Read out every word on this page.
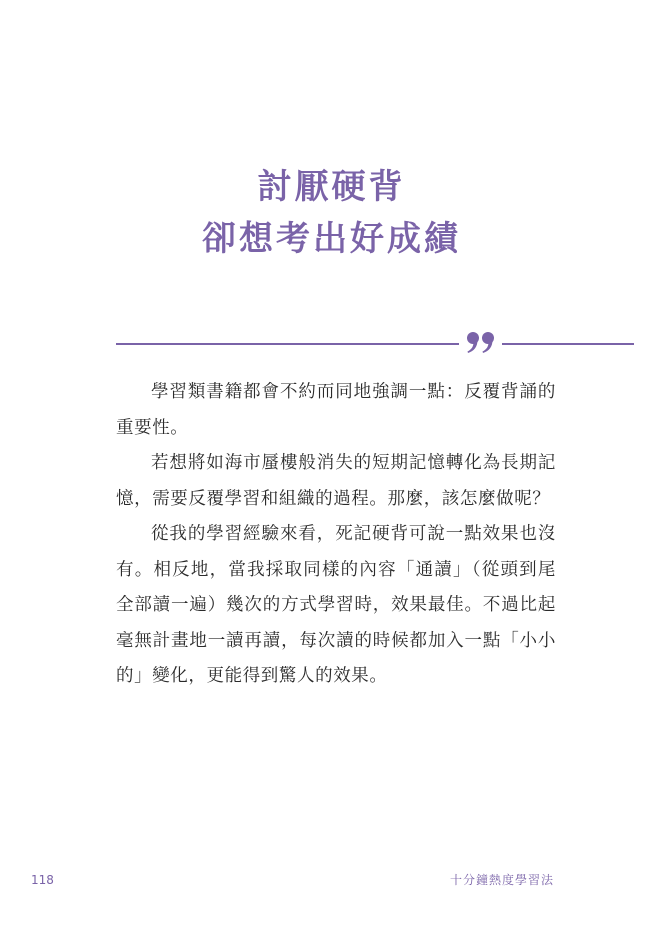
討厭硬背
卻想考出好成績

學習類書籍都會不約而同地強調一點：反覆背誦的重要性。

若想將如海市蜃樓般消失的短期記憶轉化為長期記憶，需要反覆學習和組織的過程。那麼，該怎麼做呢？

從我的學習經驗來看，死記硬背可說一點效果也沒有。相反地，當我採取同樣的內容「通讀」（從頭到尾全部讀一遍）幾次的方式學習時，效果最佳。不過比起毫無計畫地一讀再讀，每次讀的時候都加入一點「小小的」變化，更能得到驚人的效果。

118	十分鐘熱度學習法
